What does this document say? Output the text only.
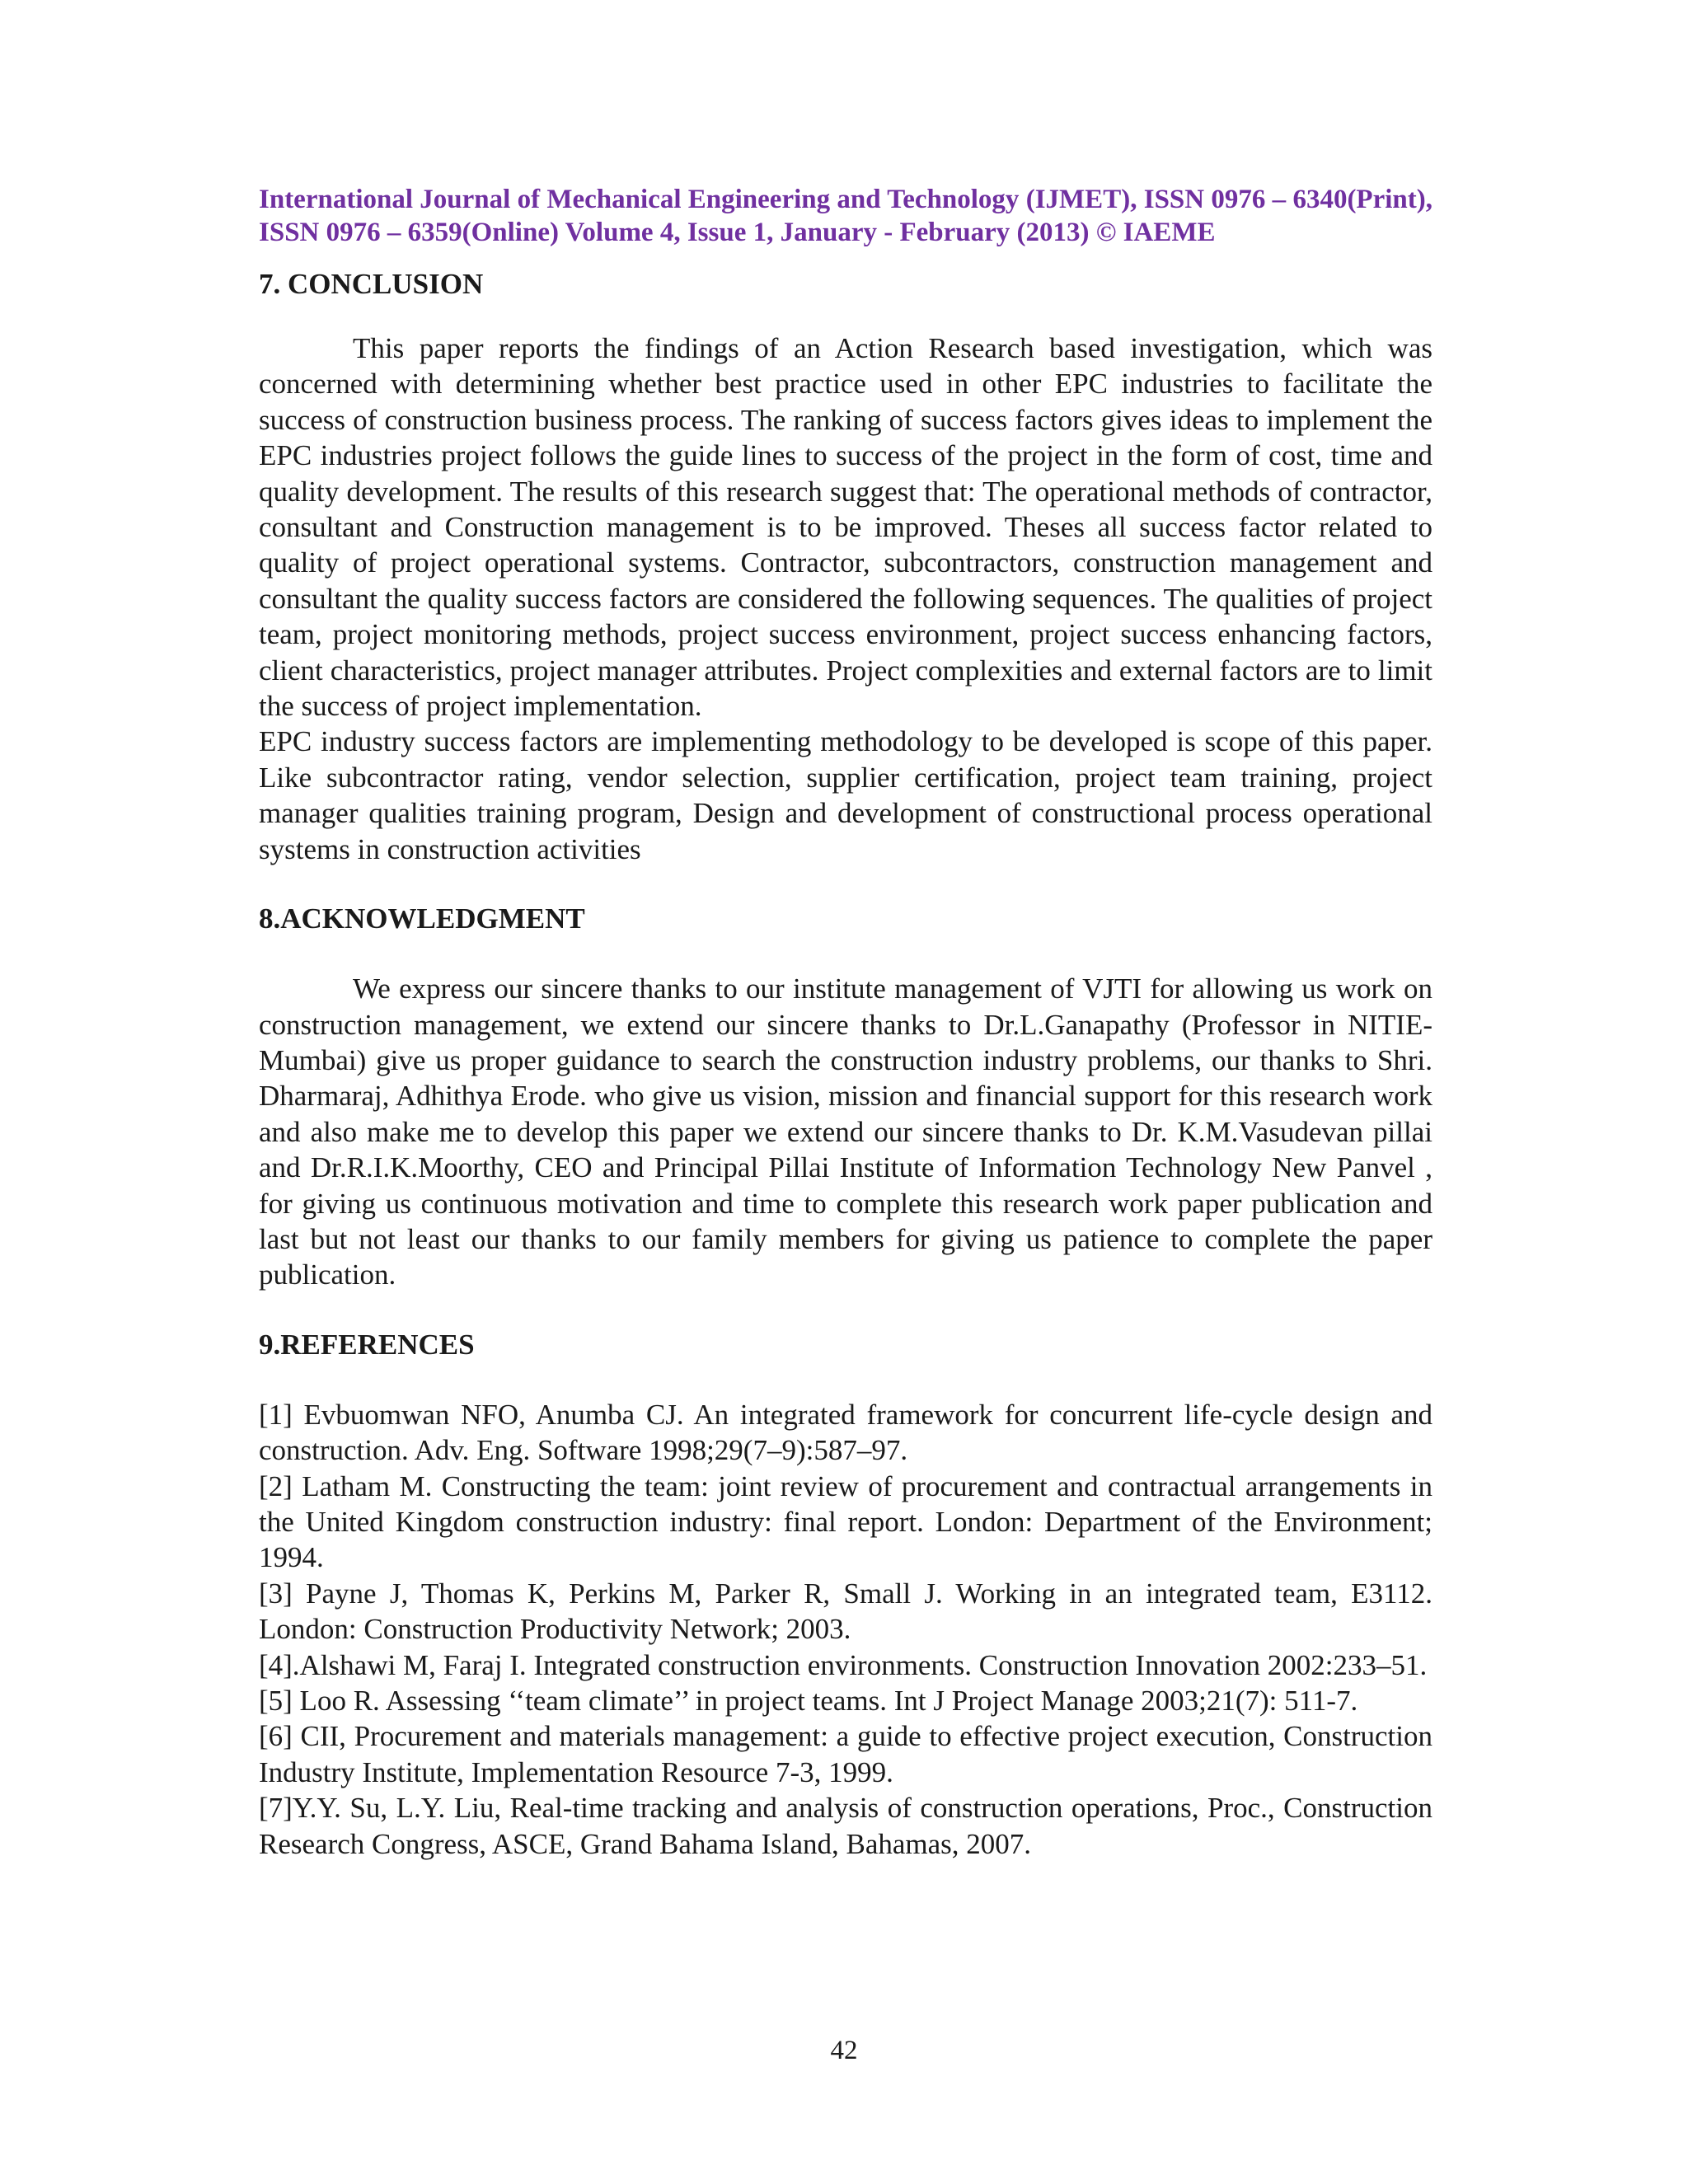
International Journal of Mechanical Engineering and Technology (IJMET), ISSN 0976 – 6340(Print), ISSN 0976 – 6359(Online) Volume 4, Issue 1, January - February (2013) © IAEME

7. CONCLUSION

This paper reports the findings of an Action Research based investigation, which was concerned with determining whether best practice used in other EPC industries to facilitate the success of construction business process. The ranking of success factors gives ideas to implement the EPC industries project follows the guide lines to success of the project in the form of cost, time and quality development. The results of this research suggest that: The operational methods of contractor, consultant and Construction management is to be improved. Theses all success factor related to quality of project operational systems. Contractor, subcontractors, construction management and consultant the quality success factors are considered the following sequences. The qualities of project team, project monitoring methods, project success environment, project success enhancing factors, client characteristics, project manager attributes. Project complexities and external factors are to limit the success of project implementation.

EPC industry success factors are implementing methodology to be developed is scope of this paper. Like subcontractor rating, vendor selection, supplier certification, project team training, project manager qualities training program, Design and development of constructional process operational systems in construction activities

8.ACKNOWLEDGMENT

We express our sincere thanks to our institute management of VJTI for allowing us work on construction management, we extend our sincere thanks to Dr.L.Ganapathy (Professor in NITIE-Mumbai) give us proper guidance to search the construction industry problems, our thanks to Shri. Dharmaraj, Adhithya Erode. who give us vision, mission and financial support for this research work and also make me to develop this paper we extend our sincere thanks to Dr. K.M.Vasudevan pillai and Dr.R.I.K.Moorthy, CEO and Principal Pillai Institute of Information Technology New Panvel , for giving us continuous motivation and time to complete this research work paper publication and last but not least our thanks to our family members for giving us patience to complete the paper publication.

9.REFERENCES

[1] Evbuomwan NFO, Anumba CJ. An integrated framework for concurrent life-cycle design and construction. Adv. Eng. Software 1998;29(7–9):587–97.

[2] Latham M. Constructing the team: joint review of procurement and contractual arrangements in the United Kingdom construction industry: final report. London: Department of the Environment; 1994.

[3] Payne J, Thomas K, Perkins M, Parker R, Small J. Working in an integrated team, E3112. London: Construction Productivity Network; 2003.

[4].Alshawi M, Faraj I. Integrated construction environments. Construction Innovation 2002:233–51.

[5] Loo R. Assessing ‘‘team climate’’ in project teams. Int J Project Manage 2003;21(7): 511-7.

[6] CII, Procurement and materials management: a guide to effective project execution, Construction Industry Institute, Implementation Resource 7-3, 1999.

[7]Y.Y. Su, L.Y. Liu, Real-time tracking and analysis of construction operations, Proc., Construction Research Congress, ASCE, Grand Bahama Island, Bahamas, 2007.

42
